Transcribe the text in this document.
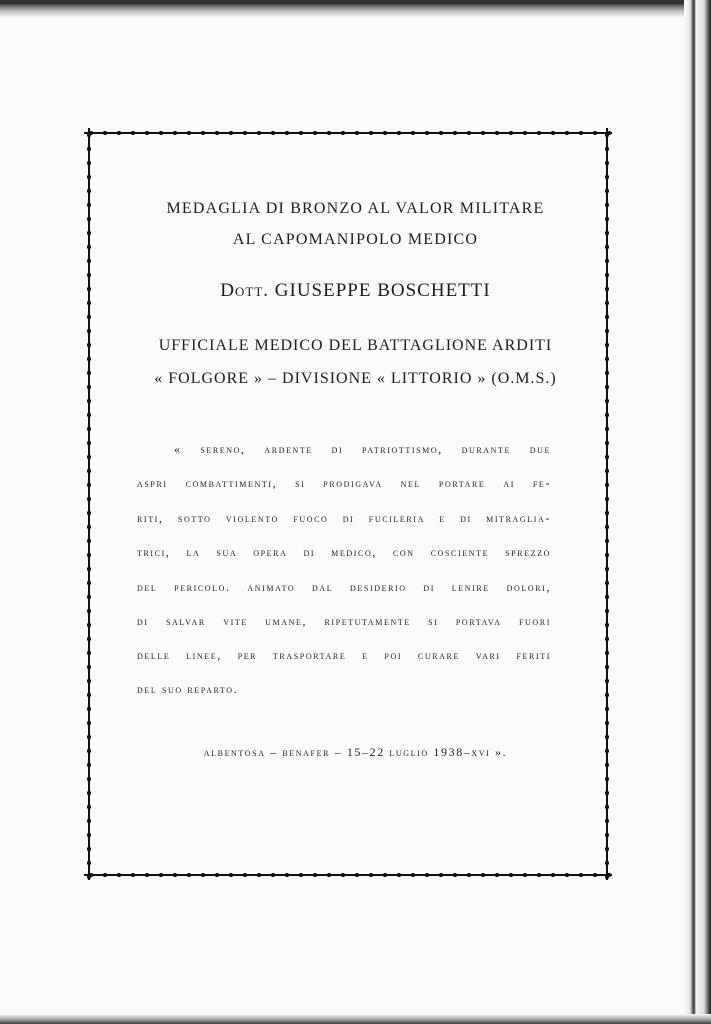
MEDAGLIA DI BRONZO AL VALOR MILITARE
AL CAPOMANIPOLO MEDICO
Dott. GIUSEPPE BOSCHETTI
UFFICIALE MEDICO DEL BATTAGLIONE ARDITI
« FOLGORE » – DIVISIONE « LITTORIO » (O.M.S.)
« sereno, ardente di patriottismo, durante due
aspri combattimenti, si prodigava nel portare ai fe-
riti, sotto violento fuoco di fucileria e di mitraglia-
trici, la sua opera di medico, con cosciente sprezzo
del pericolo. animato dal desiderio di lenire dolori,
di salvar vite umane, ripetutamente si portava fuori
delle linee, per trasportare e poi curare vari feriti
del suo reparto.
albentosa – benafer – 15–22 luglio 1938–xvi ».
